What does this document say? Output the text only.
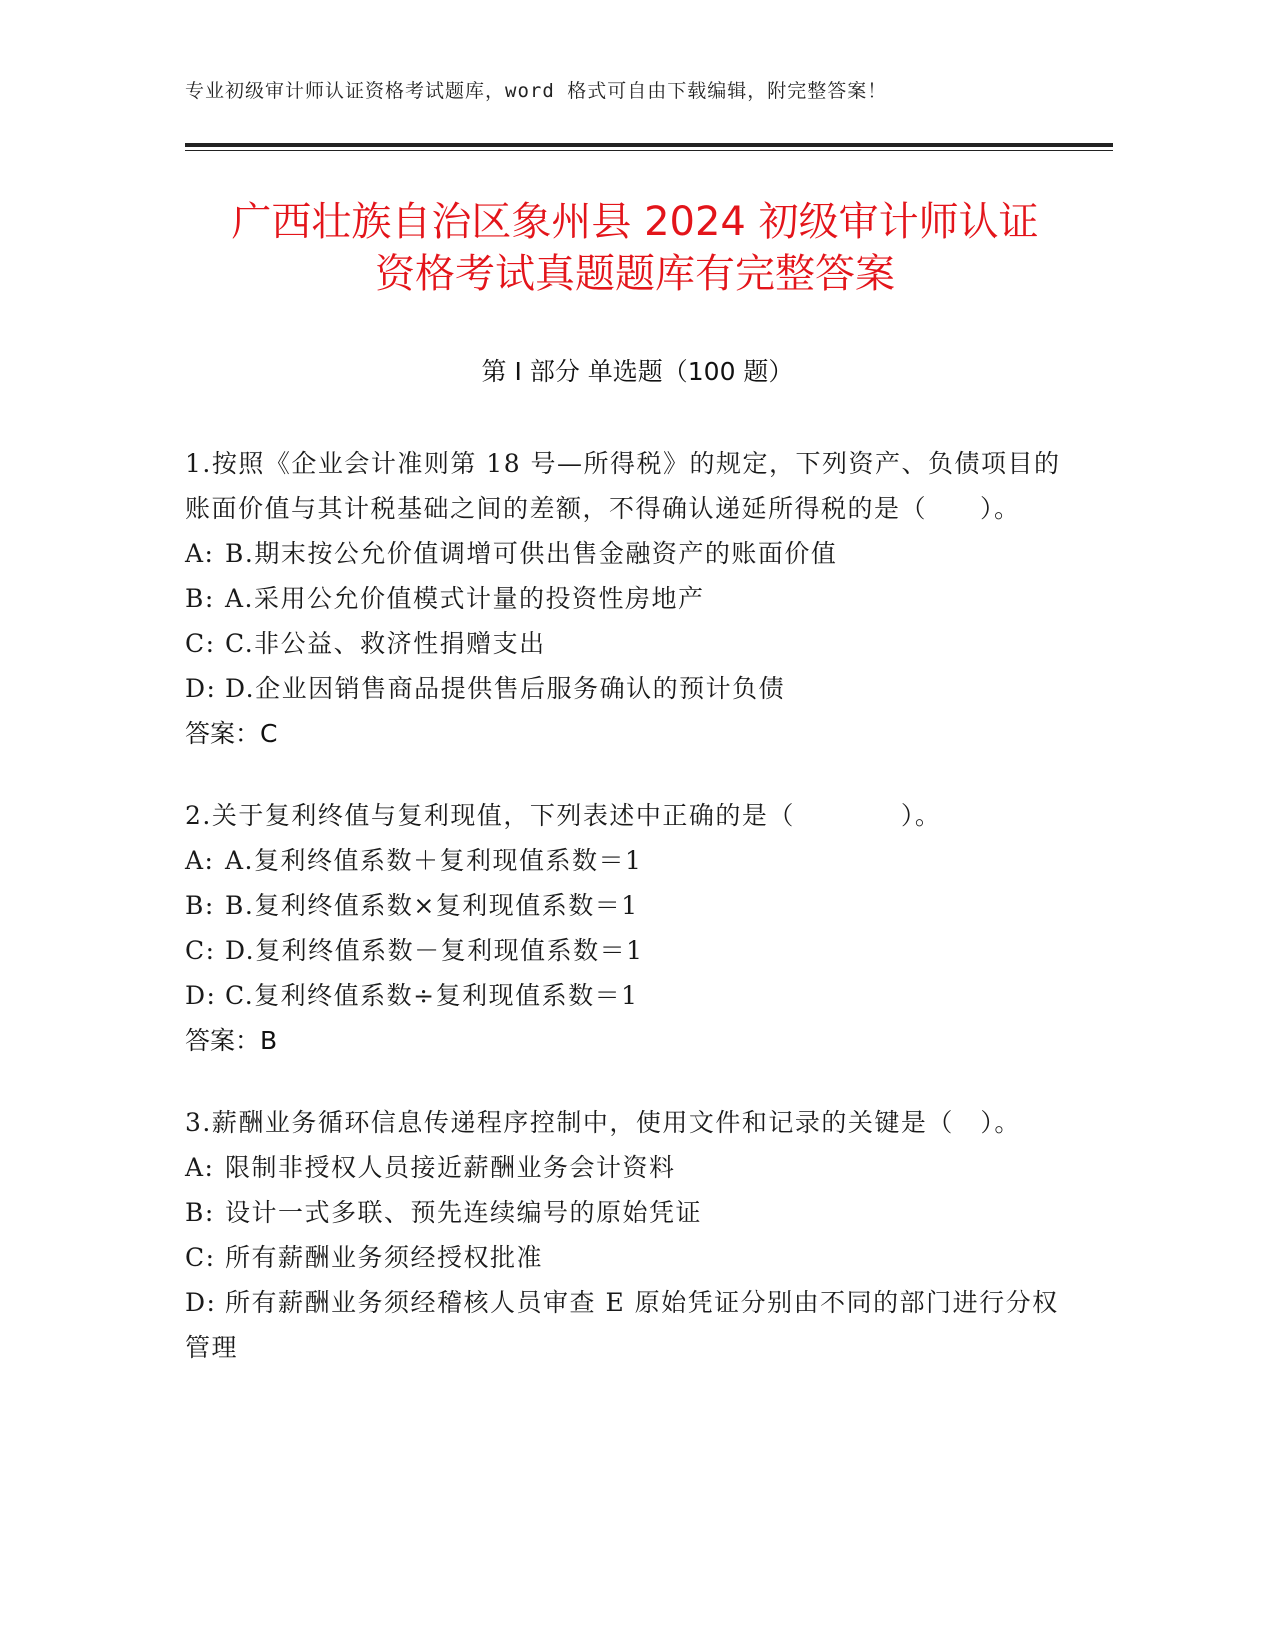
专业初级审计师认证资格考试题库，word 格式可自由下载编辑，附完整答案！
广西壮族自治区象州县 2024 初级审计师认证
资格考试真题题库有完整答案
第 I 部分 单选题（100 题）

1.按照《企业会计准则第 18 号—所得税》的规定，下列资产、负债项目的账面价值与其计税基础之间的差额，不得确认递延所得税的是（　　）。

A: B.期末按公允价值调增可供出售金融资产的账面价值

B: A.采用公允价值模式计量的投资性房地产

C: C.非公益、救济性捐赠支出

D: D.企业因销售商品提供售后服务确认的预计负债

答案：C

2.关于复利终值与复利现值，下列表述中正确的是（　　　　）。

A: A.复利终值系数＋复利现值系数＝1

B: B.复利终值系数×复利现值系数＝1

C: D.复利终值系数－复利现值系数＝1

D: C.复利终值系数÷复利现值系数＝1

答案：B

3.薪酬业务循环信息传递程序控制中，使用文件和记录的关键是（　）。

A: 限制非授权人员接近薪酬业务会计资料

B: 设计一式多联、预先连续编号的原始凭证

C: 所有薪酬业务须经授权批准

D: 所有薪酬业务须经稽核人员审查 E 原始凭证分别由不同的部门进行分权管理
